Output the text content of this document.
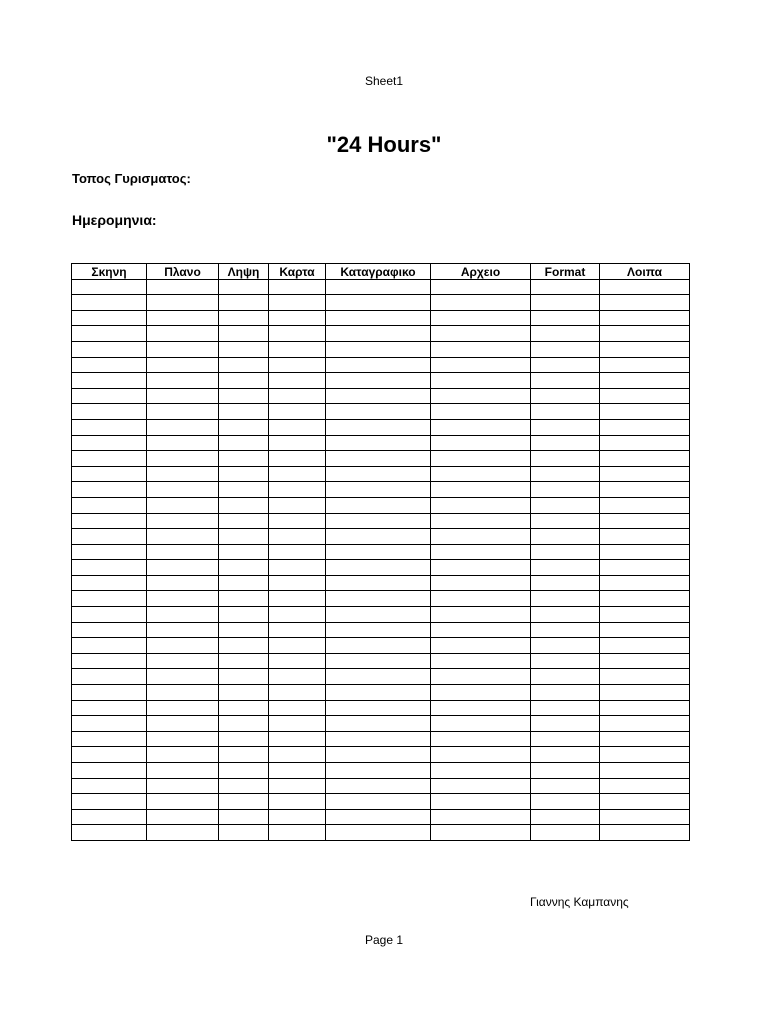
Sheet1
"24 Hours"
Τοπος Γυρισματος:
Ημερομηνια:
Σκηνη	Πλανο	Ληψη	Καρτα	Καταγραφικο	Αρχειο	Format	Λοιπα

Γιαννης Καμπανης
Page 1
